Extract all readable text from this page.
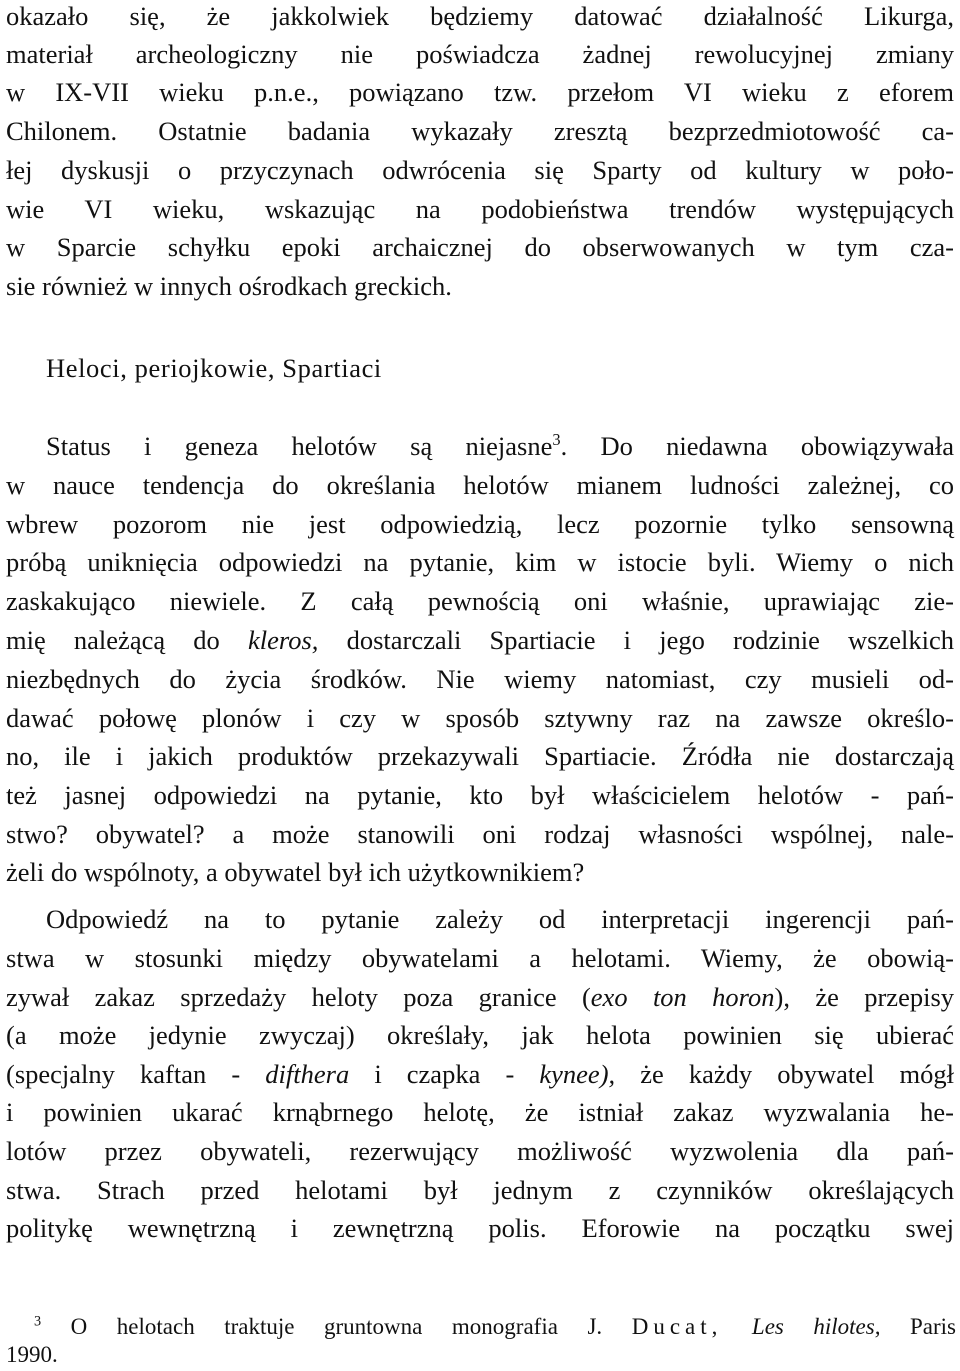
okazało się, że jakkolwiek będziemy datować działalność Likurga,
materiał archeologiczny nie poświadcza żadnej rewolucyjnej zmiany
w IX-VII wieku p.n.e., powiązano tzw. przełom VI wieku z eforem
Chilonem. Ostatnie badania wykazały zresztą bezprzedmiotowość ca-
łej dyskusji o przyczynach odwrócenia się Sparty od kultury w poło-
wie VI wieku, wskazując na podobieństwa trendów występujących
w Sparcie schyłku epoki archaicznej do obserwowanych w tym cza-
sie również w innych ośrodkach greckich.
Heloci, periojkowie, Spartiaci
Status i geneza helotów są niejasne$^3$. Do niedawna obowiązywała
w nauce tendencja do określania helotów mianem ludności zależnej, co
wbrew pozorom nie jest odpowiedzią, lecz pozornie tylko sensowną
próbą uniknięcia odpowiedzi na pytanie, kim w istocie byli. Wiemy o nich
zaskakująco niewiele. Z całą pewnością oni właśnie, uprawiając zie-
mię należącą do kleros, dostarczali Spartiacie i jego rodzinie wszelkich
niezbędnych do życia środków. Nie wiemy natomiast, czy musieli od-
dawać połowę plonów i czy w sposób sztywny raz na zawsze określo-
no, ile i jakich produktów przekazywali Spartiacie. Źródła nie dostarczają
też jasnej odpowiedzi na pytanie, kto był właścicielem helotów - pań-
stwo? obywatel? a może stanowili oni rodzaj własności wspólnej, nale-
żeli do wspólnoty, a obywatel był ich użytkownikiem?
Odpowiedź na to pytanie zależy od interpretacji ingerencji pań-
stwa w stosunki między obywatelami a helotami. Wiemy, że obowią-
zywał zakaz sprzedaży heloty poza granice (exo ton horon), że przepisy
(a może jedynie zwyczaj) określały, jak helota powinien się ubierać
(specjalny kaftan - difthera i czapka - kynee), że każdy obywatel mógł
i powinien ukarać krnąbrnego helotę, że istniał zakaz wyzwalania he-
lotów przez obywateli, rezerwujący możliwość wyzwolenia dla pań-
stwa. Strach przed helotami był jednym z czynników określających
politykę wewnętrzną i zewnętrzną polis. Eforowie na początku swej
$^3$ O helotach traktuje gruntowna monografia J. Ducat, Les hilotes, Paris
1990.
